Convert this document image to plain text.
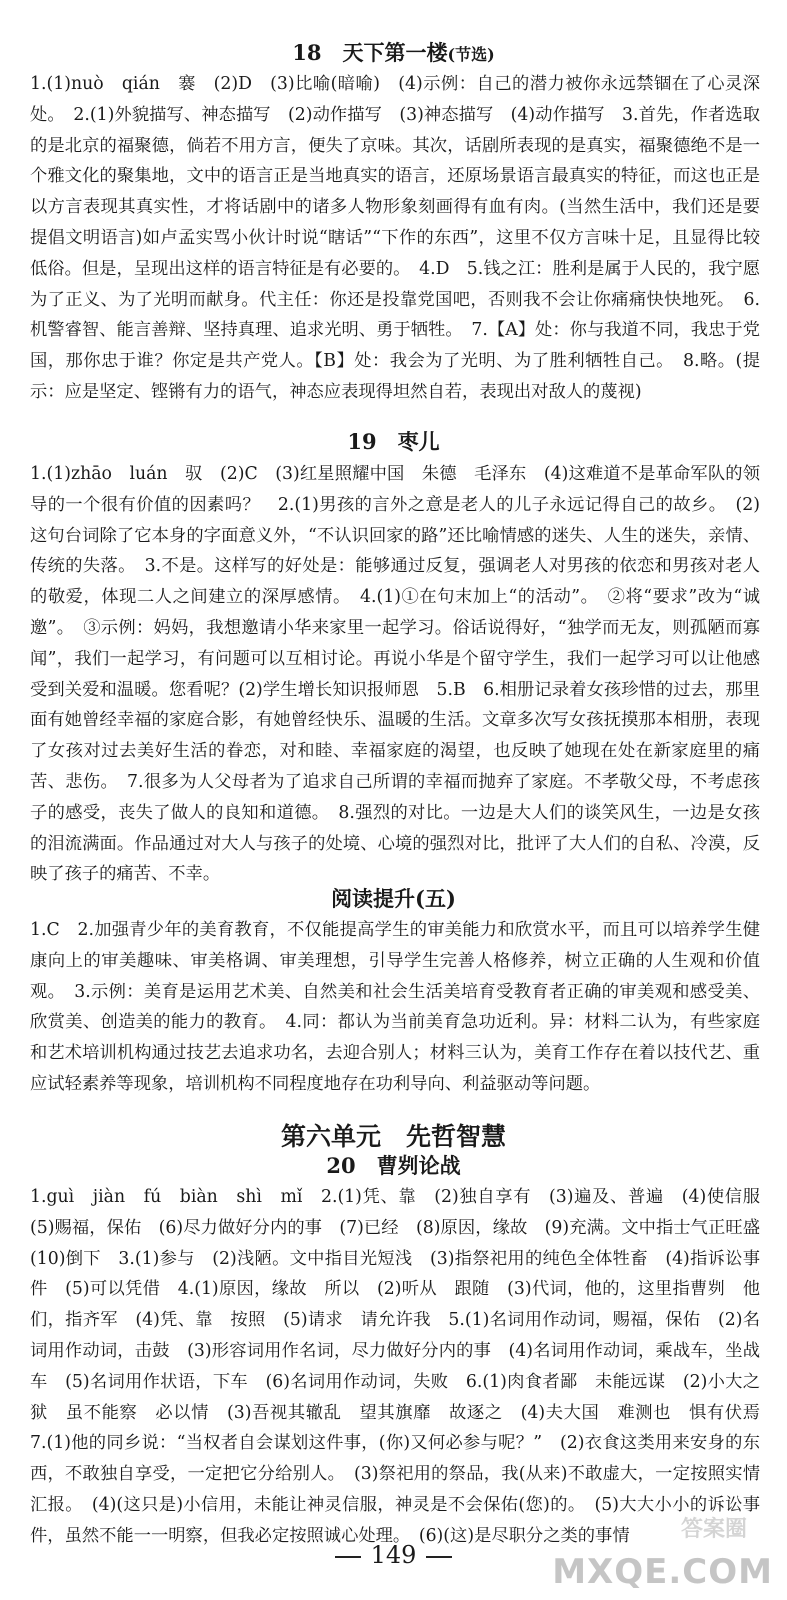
18　天下第一楼(节选)

1.(1)nuò　qián　褰　(2)D　(3)比喻(暗喻)　(4)示例：自己的潜力被你永远禁锢在了心灵深处。　2.(1)外貌描写、神态描写　(2)动作描写　(3)神态描写　(4)动作描写　3.首先，作者选取的是北京的福聚德，倘若不用方言，便失了京味。其次，话剧所表现的是真实，福聚德绝不是一个雅文化的聚集地，文中的语言正是当地真实的语言，还原场景语言最真实的特征，而这也正是以方言表现其真实性，才将话剧中的诸多人物形象刻画得有血有肉。(当然生活中，我们还是要提倡文明语言)如卢孟实骂小伙计时说“瞎话”“下作的东西”，这里不仅方言味十足，且显得比较低俗。但是，呈现出这样的语言特征是有必要的。　4.D　5.钱之江：胜利是属于人民的，我宁愿为了正义、为了光明而献身。代主任：你还是投靠党国吧，否则我不会让你痛痛快快地死。　6.机警睿智、能言善辩、坚持真理、追求光明、勇于牺牲。　7.【A】处：你与我道不同，我忠于党国，那你忠于谁？你定是共产党人。【B】处：我会为了光明、为了胜利牺牲自己。　8.略。(提示：应是坚定、铿锵有力的语气，神态应表现得坦然自若，表现出对敌人的蔑视)

19　枣儿

1.(1)zhāo　luán　驭　(2)C　(3)红星照耀中国　朱德　毛泽东　(4)这难道不是革命军队的领导的一个很有价值的因素吗？　2.(1)男孩的言外之意是老人的儿子永远记得自己的故乡。　(2)这句台词除了它本身的字面意义外，“不认识回家的路”还比喻情感的迷失、人生的迷失，亲情、传统的失落。　3.不是。这样写的好处是：能够通过反复，强调老人对男孩的依恋和男孩对老人的敬爱，体现二人之间建立的深厚感情。　4.(1)①在句末加上“的活动”。　②将“要求”改为“诚邀”。　③示例：妈妈，我想邀请小华来家里一起学习。俗话说得好，“独学而无友，则孤陋而寡闻”，我们一起学习，有问题可以互相讨论。再说小华是个留守学生，我们一起学习可以让他感受到关爱和温暖。您看呢？(2)学生增长知识报师恩　5.B　6.相册记录着女孩珍惜的过去，那里面有她曾经幸福的家庭合影，有她曾经快乐、温暖的生活。文章多次写女孩抚摸那本相册，表现了女孩对过去美好生活的眷恋，对和睦、幸福家庭的渴望，也反映了她现在处在新家庭里的痛苦、悲伤。　7.很多为人父母者为了追求自己所谓的幸福而抛弃了家庭。不孝敬父母，不考虑孩子的感受，丧失了做人的良知和道德。　8.强烈的对比。一边是大人们的谈笑风生，一边是女孩的泪流满面。作品通过对大人与孩子的处境、心境的强烈对比，批评了大人们的自私、冷漠，反映了孩子的痛苦、不幸。

阅读提升(五)

1.C　2.加强青少年的美育教育，不仅能提高学生的审美能力和欣赏水平，而且可以培养学生健康向上的审美趣味、审美格调、审美理想，引导学生完善人格修养，树立正确的人生观和价值观。　3.示例：美育是运用艺术美、自然美和社会生活美培育受教育者正确的审美观和感受美、欣赏美、创造美的能力的教育。　4.同：都认为当前美育急功近利。异：材料二认为，有些家庭和艺术培训机构通过技艺去追求功名，去迎合别人；材料三认为，美育工作存在着以技代艺、重应试轻素养等现象，培训机构不同程度地存在功利导向、利益驱动等问题。

第六单元　先哲智慧
20　曹刿论战

1.guì　jiàn　fú　biàn　shì　mǐ　2.(1)凭、靠　(2)独自享有　(3)遍及、普遍　(4)使信服　(5)赐福，保佑　(6)尽力做好分内的事　(7)已经　(8)原因，缘故　(9)充满。文中指士气正旺盛　(10)倒下　3.(1)参与　(2)浅陋。文中指目光短浅　(3)指祭祀用的纯色全体牲畜　(4)指诉讼事件　(5)可以凭借　4.(1)原因，缘故　所以　(2)听从　跟随　(3)代词，他的，这里指曹刿　他们，指齐军　(4)凭、靠　按照　(5)请求　请允许我　5.(1)名词用作动词，赐福，保佑　(2)名词用作动词，击鼓　(3)形容词用作名词，尽力做好分内的事　(4)名词用作动词，乘战车，坐战车　(5)名词用作状语，下车　(6)名词用作动词，失败　6.(1)肉食者鄙　未能远谋　(2)小大之狱　虽不能察　必以情　(3)吾视其辙乱　望其旗靡　故逐之　(4)夫大国　难测也　惧有伏焉　7.(1)他的同乡说：“当权者自会谋划这件事，(你)又何必参与呢？”　(2)衣食这类用来安身的东西，不敢独自享受，一定把它分给别人。　(3)祭祀用的祭品，我(从来)不敢虚大，一定按照实情汇报。　(4)(这只是)小信用，未能让神灵信服，神灵是不会保佑(您)的。　(5)大大小小的诉讼事件，虽然不能一一明察，但我必定按照诚心处理。　(6)(这)是尽职分之类的事情

149
答案圈
MXQE.COM
